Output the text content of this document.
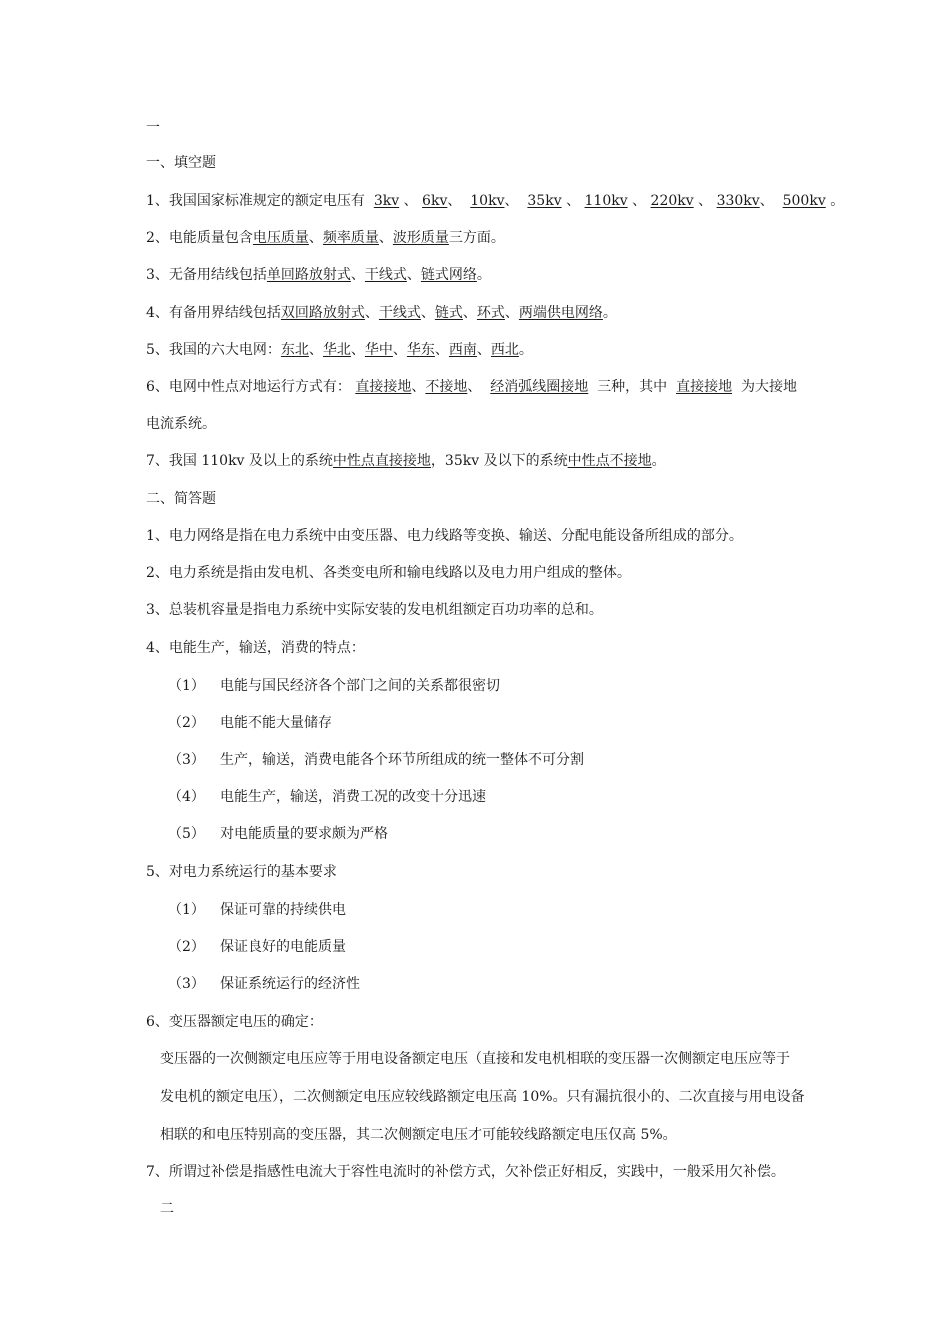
一
一、填空题
1、我国国家标准规定的额定电压有 3kv 、 6kv、 10kv、 35kv 、 110kv 、 220kv 、 330kv、 500kv 。
2、电能质量包含电压质量、频率质量、波形质量三方面。
3、无备用结线包括单回路放射式、干线式、链式网络。
4、有备用界结线包括双回路放射式、干线式、链式、环式、两端供电网络。
5、我国的六大电网：东北、华北、华中、华东、西南、西北。
6、电网中性点对地运行方式有： 直接接地、不接地、 经消弧线圈接地 三种，其中 直接接地 为大接地
电流系统。
7、我国 110kv 及以上的系统中性点直接接地，35kv 及以下的系统中性点不接地。
二、简答题
1、电力网络是指在电力系统中由变压器、电力线路等变换、输送、分配电能设备所组成的部分。
2、电力系统是指由发电机、各类变电所和输电线路以及电力用户组成的整体。
3、总装机容量是指电力系统中实际安装的发电机组额定百功功率的总和。
4、电能生产，输送，消费的特点：
（1） 电能与国民经济各个部门之间的关系都很密切
（2） 电能不能大量储存
（3） 生产，输送，消费电能各个环节所组成的统一整体不可分割
（4） 电能生产，输送，消费工况的改变十分迅速
（5） 对电能质量的要求颇为严格
5、对电力系统运行的基本要求
（1） 保证可靠的持续供电
（2） 保证良好的电能质量
（3） 保证系统运行的经济性
6、变压器额定电压的确定：
变压器的一次侧额定电压应等于用电设备额定电压（直接和发电机相联的变压器一次侧额定电压应等于
发电机的额定电压），二次侧额定电压应较线路额定电压高 10%。只有漏抗很小的、二次直接与用电设备
相联的和电压特别高的变压器，其二次侧额定电压才可能较线路额定电压仅高 5%。
7、所谓过补偿是指感性电流大于容性电流时的补偿方式，欠补偿正好相反，实践中，一般采用欠补偿。
二
